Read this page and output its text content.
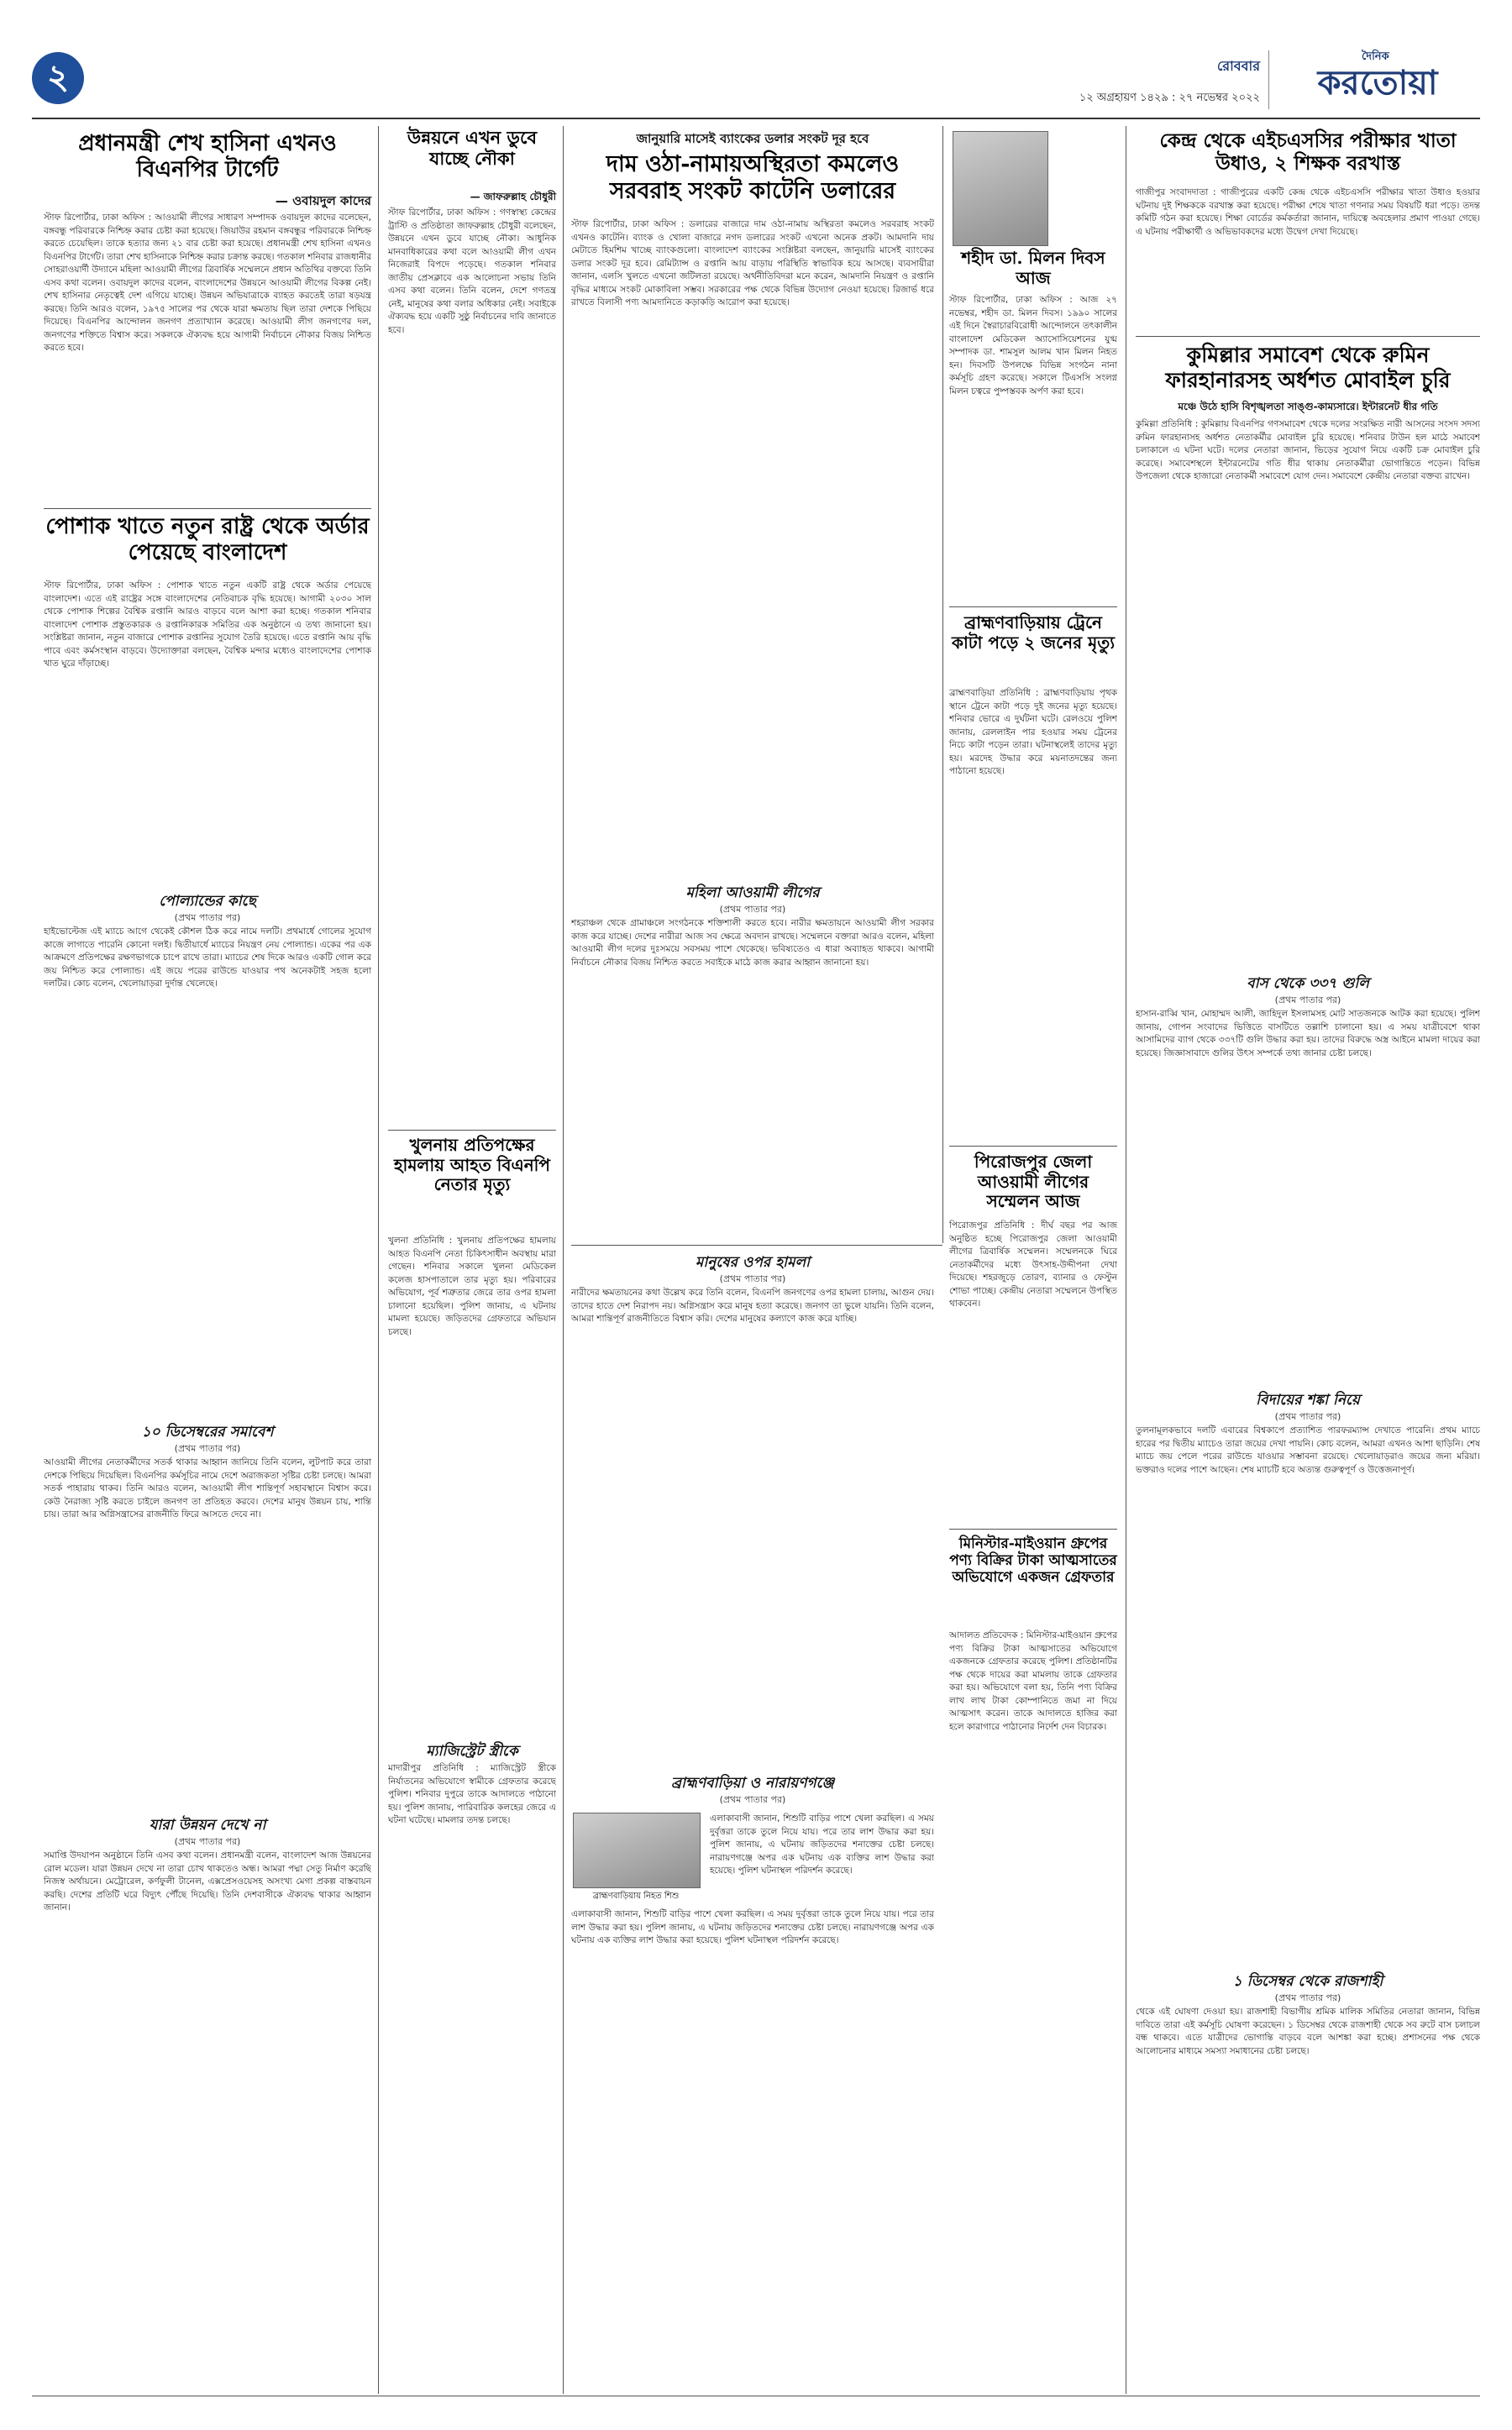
২	রোববার
১২ অগ্রহায়ণ ১৪২৯ : ২৭ নভেম্বর ২০২২
দৈনিক
করতোয়া
প্রধানমন্ত্রী শেখ হাসিনা এখনও বিএনপির টার্গেট
— ওবায়দুল কাদের
স্টাফ রিপোর্টার, ঢাকা অফিস : আওয়ামী লীগের সাধারণ সম্পাদক ওবায়দুল কাদের বলেছেন, বঙ্গবন্ধু পরিবারকে নিশ্চিহ্ন করার চেষ্টা করা হয়েছে। জিয়াউর রহমান বঙ্গবন্ধুর পরিবারকে নিশ্চিহ্ন করতে চেয়েছিল। তাকে হত্যার জন্য ২১ বার চেষ্টা করা হয়েছে। প্রধানমন্ত্রী শেখ হাসিনা এখনও বিএনপির টার্গেট। তারা শেখ হাসিনাকে নিশ্চিহ্ন করার চক্রান্ত করছে। গতকাল শনিবার রাজধানীর সোহরাওয়ার্দী উদ্যানে মহিলা আওয়ামী লীগের ত্রিবার্ষিক সম্মেলনে প্রধান অতিথির বক্তব্যে তিনি এসব কথা বলেন। ওবায়দুল কাদের বলেন, বাংলাদেশের উন্নয়নে আওয়ামী লীগের বিকল্প নেই। শেখ হাসিনার নেতৃত্বেই দেশ এগিয়ে যাচ্ছে। উন্নয়ন অভিযাত্রাকে ব্যাহত করতেই তারা ষড়যন্ত্র করছে। তিনি আরও বলেন, ১৯৭৫ সালের পর থেকে যারা ক্ষমতায় ছিল তারা দেশকে পিছিয়ে দিয়েছে। বিএনপির আন্দোলন জনগণ প্রত্যাখ্যান করেছে। আওয়ামী লীগ জনগণের দল, জনগণের শক্তিতে বিশ্বাস করে। সকলকে ঐক্যবদ্ধ হয়ে আগামী নির্বাচনে নৌকার বিজয় নিশ্চিত করতে হবে।
পোশাক খাতে নতুন রাষ্ট্র থেকে অর্ডার পেয়েছে বাংলাদেশ
স্টাফ রিপোর্টার, ঢাকা অফিস : পোশাক খাতে নতুন একটি রাষ্ট্র থেকে অর্ডার পেয়েছে বাংলাদেশ। এতে এই রাষ্ট্রের সঙ্গে বাংলাদেশের নেতিবাচক বৃদ্ধি হয়েছে। আগামী ২০৩০ সাল থেকে পোশাক শিল্পের বৈশ্বিক রপ্তানি আরও বাড়বে বলে আশা করা হচ্ছে। গতকাল শনিবার বাংলাদেশ পোশাক প্রস্তুতকারক ও রপ্তানিকারক সমিতির এক অনুষ্ঠানে এ তথ্য জানানো হয়। সংশ্লিষ্টরা জানান, নতুন বাজারে পোশাক রপ্তানির সুযোগ তৈরি হয়েছে। এতে রপ্তানি আয় বৃদ্ধি পাবে এবং কর্মসংস্থান বাড়বে। উদ্যোক্তারা বলছেন, বৈশ্বিক মন্দার মধ্যেও বাংলাদেশের পোশাক খাত ঘুরে দাঁড়াচ্ছে।
পোল্যান্ডের কাছে
(প্রথম পাতার পর)
হাইভোল্টেজ এই ম্যাচে আগে থেকেই কৌশল ঠিক করে নামে দলটি। প্রথমার্ধে গোলের সুযোগ কাজে লাগাতে পারেনি কোনো দলই। দ্বিতীয়ার্ধে ম্যাচের নিয়ন্ত্রণ নেয় পোল্যান্ড। একের পর এক আক্রমণে প্রতিপক্ষের রক্ষণভাগকে চাপে রাখে তারা। ম্যাচের শেষ দিকে আরও একটি গোল করে জয় নিশ্চিত করে পোল্যান্ড। এই জয়ে পরের রাউন্ডে যাওয়ার পথ অনেকটাই সহজ হলো দলটির। কোচ বলেন, খেলোয়াড়রা দুর্দান্ত খেলেছে।
১০ ডিসেম্বরের সমাবেশ
(প্রথম পাতার পর)
আওয়ামী লীগের নেতাকর্মীদের সতর্ক থাকার আহ্বান জানিয়ে তিনি বলেন, লুটপাট করে তারা দেশকে পিছিয়ে দিয়েছিল। বিএনপির কর্মসূচির নামে দেশে অরাজকতা সৃষ্টির চেষ্টা চলছে। আমরা সতর্ক পাহারায় থাকব। তিনি আরও বলেন, আওয়ামী লীগ শান্তিপূর্ণ সহাবস্থানে বিশ্বাস করে। কেউ নৈরাজ্য সৃষ্টি করতে চাইলে জনগণ তা প্রতিহত করবে। দেশের মানুষ উন্নয়ন চায়, শান্তি চায়। তারা আর অগ্নিসন্ত্রাসের রাজনীতি ফিরে আসতে দেবে না।
যারা উন্নয়ন দেখে না
(প্রথম পাতার পর)
সমাপ্তি উদযাপন অনুষ্ঠানে তিনি এসব কথা বলেন। প্রধানমন্ত্রী বলেন, বাংলাদেশ আজ উন্নয়নের রোল মডেল। যারা উন্নয়ন দেখে না তারা চোখ থাকতেও অন্ধ। আমরা পদ্মা সেতু নির্মাণ করেছি নিজস্ব অর্থায়নে। মেট্রোরেল, কর্ণফুলী টানেল, এক্সপ্রেসওয়েসহ অসংখ্য মেগা প্রকল্প বাস্তবায়ন করছি। দেশের প্রতিটি ঘরে বিদ্যুৎ পৌঁছে দিয়েছি। তিনি দেশবাসীকে ঐক্যবদ্ধ থাকার আহ্বান জানান।
উন্নয়নে এখন ডুবে যাচ্ছে নৌকা
— জাফরুল্লাহ চৌধুরী
স্টাফ রিপোর্টার, ঢাকা অফিস : গণস্বাস্থ্য কেন্দ্রের ট্রাস্টি ও প্রতিষ্ঠাতা জাফরুল্লাহ চৌধুরী বলেছেন, উন্নয়নে এখন ডুবে যাচ্ছে নৌকা। আধুনিক মানবাধিকারের কথা বলে আওয়ামী লীগ এখন নিজেরাই বিপদে পড়েছে। গতকাল শনিবার জাতীয় প্রেসক্লাবে এক আলোচনা সভায় তিনি এসব কথা বলেন। তিনি বলেন, দেশে গণতন্ত্র নেই, মানুষের কথা বলার অধিকার নেই। সবাইকে ঐক্যবদ্ধ হয়ে একটি সুষ্ঠু নির্বাচনের দাবি জানাতে হবে।
খুলনায় প্রতিপক্ষের হামলায় আহত বিএনপি নেতার মৃত্যু
খুলনা প্রতিনিধি : খুলনায় প্রতিপক্ষের হামলায় আহত বিএনপি নেতা চিকিৎসাধীন অবস্থায় মারা গেছেন। শনিবার সকালে খুলনা মেডিকেল কলেজ হাসপাতালে তার মৃত্যু হয়। পরিবারের অভিযোগ, পূর্ব শত্রুতার জেরে তার ওপর হামলা চালানো হয়েছিল। পুলিশ জানায়, এ ঘটনায় মামলা হয়েছে। জড়িতদের গ্রেফতারে অভিযান চলছে।
ম্যাজিস্ট্রেট স্ত্রীকে
মাদারীপুর প্রতিনিধি : ম্যাজিস্ট্রেট স্ত্রীকে নির্যাতনের অভিযোগে স্বামীকে গ্রেফতার করেছে পুলিশ। শনিবার দুপুরে তাকে আদালতে পাঠানো হয়। পুলিশ জানায়, পারিবারিক কলহের জেরে এ ঘটনা ঘটেছে। মামলার তদন্ত চলছে।
জানুয়ারি মাসেই ব্যাংকের ডলার সংকট দূর হবে
দাম ওঠা-নামায়অস্থিরতা কমলেও সরবরাহ সংকট কাটেনি ডলারের
স্টাফ রিপোর্টার, ঢাকা অফিস : ডলারের বাজারে দাম ওঠা-নামায় অস্থিরতা কমলেও সরবরাহ সংকট এখনও কাটেনি। ব্যাংক ও খোলা বাজারে নগদ ডলারের সংকট এখনো অনেক প্রকট। আমদানি দায় মেটাতে হিমশিম খাচ্ছে ব্যাংকগুলো। বাংলাদেশ ব্যাংকের সংশ্লিষ্টরা বলছেন, জানুয়ারি মাসেই ব্যাংকের ডলার সংকট দূর হবে। রেমিট্যান্স ও রপ্তানি আয় বাড়ায় পরিস্থিতি স্বাভাবিক হয়ে আসছে। ব্যবসায়ীরা জানান, এলসি খুলতে এখনো জটিলতা রয়েছে। অর্থনীতিবিদরা মনে করেন, আমদানি নিয়ন্ত্রণ ও রপ্তানি বৃদ্ধির মাধ্যমে সংকট মোকাবিলা সম্ভব। সরকারের পক্ষ থেকে বিভিন্ন উদ্যোগ নেওয়া হয়েছে। রিজার্ভ ধরে রাখতে বিলাসী পণ্য আমদানিতে কড়াকড়ি আরোপ করা হয়েছে।
মহিলা আওয়ামী লীগের
(প্রথম পাতার পর)
শহরাঞ্চল থেকে গ্রামাঞ্চলে সংগঠনকে শক্তিশালী করতে হবে। নারীর ক্ষমতায়নে আওয়ামী লীগ সরকার কাজ করে যাচ্ছে। দেশের নারীরা আজ সব ক্ষেত্রে অবদান রাখছে। সম্মেলনে বক্তারা আরও বলেন, মহিলা আওয়ামী লীগ দলের দুঃসময়ে সবসময় পাশে থেকেছে। ভবিষ্যতেও এ ধারা অব্যাহত থাকবে। আগামী নির্বাচনে নৌকার বিজয় নিশ্চিত করতে সবাইকে মাঠে কাজ করার আহ্বান জানানো হয়।
শহীদ ডা. মিলন দিবস আজ
স্টাফ রিপোর্টার, ঢাকা অফিস : আজ ২৭ নভেম্বর, শহীদ ডা. মিলন দিবস। ১৯৯০ সালের এই দিনে স্বৈরাচারবিরোধী আন্দোলনে তৎকালীন বাংলাদেশ মেডিকেল অ্যাসোসিয়েশনের যুগ্ম সম্পাদক ডা. শামসুল আলম খান মিলন নিহত হন। দিবসটি উপলক্ষে বিভিন্ন সংগঠন নানা কর্মসূচি গ্রহণ করেছে। সকালে টিএসসি সংলগ্ন মিলন চত্বরে পুষ্পস্তবক অর্পণ করা হবে।
ব্রাহ্মণবাড়িয়ায় ট্রেনে কাটা পড়ে ২ জনের মৃত্যু
ব্রাহ্মণবাড়িয়া প্রতিনিধি : ব্রাহ্মণবাড়িয়ায় পৃথক স্থানে ট্রেনে কাটা পড়ে দুই জনের মৃত্যু হয়েছে। শনিবার ভোরে এ দুর্ঘটনা ঘটে। রেলওয়ে পুলিশ জানায়, রেললাইন পার হওয়ার সময় ট্রেনের নিচে কাটা পড়েন তারা। ঘটনাস্থলেই তাদের মৃত্যু হয়। মরদেহ উদ্ধার করে ময়নাতদন্তের জন্য পাঠানো হয়েছে।
পিরোজপুর জেলা আওয়ামী লীগের সম্মেলন আজ
পিরোজপুর প্রতিনিধি : দীর্ঘ বছর পর আজ অনুষ্ঠিত হচ্ছে পিরোজপুর জেলা আওয়ামী লীগের ত্রিবার্ষিক সম্মেলন। সম্মেলনকে ঘিরে নেতাকর্মীদের মধ্যে উৎসাহ-উদ্দীপনা দেখা দিয়েছে। শহরজুড়ে তোরণ, ব্যানার ও ফেস্টুন শোভা পাচ্ছে। কেন্দ্রীয় নেতারা সম্মেলনে উপস্থিত থাকবেন।
মিনিস্টার-মাইওয়ান গ্রুপের পণ্য বিক্রির টাকা আত্মসাতের অভিযোগে একজন গ্রেফতার
আদালত প্রতিবেদক : মিনিস্টার-মাইওয়ান গ্রুপের পণ্য বিক্রির টাকা আত্মসাতের অভিযোগে একজনকে গ্রেফতার করেছে পুলিশ। প্রতিষ্ঠানটির পক্ষ থেকে দায়ের করা মামলায় তাকে গ্রেফতার করা হয়। অভিযোগে বলা হয়, তিনি পণ্য বিক্রির লাখ লাখ টাকা কোম্পানিতে জমা না দিয়ে আত্মসাৎ করেন। তাকে আদালতে হাজির করা হলে কারাগারে পাঠানোর নির্দেশ দেন বিচারক।
মানুষের ওপর হামলা
(প্রথম পাতার পর)
নারীদের ক্ষমতায়নের কথা উল্লেখ করে তিনি বলেন, বিএনপি জনগণের ওপর হামলা চালায়, আগুন দেয়। তাদের হাতে দেশ নিরাপদ নয়। অগ্নিসন্ত্রাস করে মানুষ হত্যা করেছে। জনগণ তা ভুলে যায়নি। তিনি বলেন, আমরা শান্তিপূর্ণ রাজনীতিতে বিশ্বাস করি। দেশের মানুষের কল্যাণে কাজ করে যাচ্ছি।
ব্রাহ্মণবাড়িয়া ও নারায়ণগঞ্জে
(প্রথম পাতার পর)
ব্রাহ্মণবাড়িয়ায় নিহত শিশু
এলাকাবাসী জানান, শিশুটি বাড়ির পাশে খেলা করছিল। এ সময় দুর্বৃত্তরা তাকে তুলে নিয়ে যায়। পরে তার লাশ উদ্ধার করা হয়। পুলিশ জানায়, এ ঘটনায় জড়িতদের শনাক্তের চেষ্টা চলছে। নারায়ণগঞ্জে অপর এক ঘটনায় এক ব্যক্তির লাশ উদ্ধার করা হয়েছে। পুলিশ ঘটনাস্থল পরিদর্শন করেছে।
এলাকাবাসী জানান, শিশুটি বাড়ির পাশে খেলা করছিল। এ সময় দুর্বৃত্তরা তাকে তুলে নিয়ে যায়। পরে তার লাশ উদ্ধার করা হয়। পুলিশ জানায়, এ ঘটনায় জড়িতদের শনাক্তের চেষ্টা চলছে। নারায়ণগঞ্জে অপর এক ঘটনায় এক ব্যক্তির লাশ উদ্ধার করা হয়েছে। পুলিশ ঘটনাস্থল পরিদর্শন করেছে।
কেন্দ্র থেকে এইচএসসির পরীক্ষার খাতা উধাও, ২ শিক্ষক বরখাস্ত
গাজীপুর সংবাদদাতা : গাজীপুরের একটি কেন্দ্র থেকে এইচএসসি পরীক্ষার খাতা উধাও হওয়ার ঘটনায় দুই শিক্ষককে বরখাস্ত করা হয়েছে। পরীক্ষা শেষে খাতা গণনার সময় বিষয়টি ধরা পড়ে। তদন্ত কমিটি গঠন করা হয়েছে। শিক্ষা বোর্ডের কর্মকর্তারা জানান, দায়িত্বে অবহেলার প্রমাণ পাওয়া গেছে। এ ঘটনায় পরীক্ষার্থী ও অভিভাবকদের মধ্যে উদ্বেগ দেখা দিয়েছে।
কুমিল্লার সমাবেশ থেকে রুমিন ফারহানারসহ অর্ধশত মোবাইল চুরি
মঞ্চে উঠে হাসি বিশৃঙ্খলতা সাঙ্গু-কাম্যসারে। ইন্টারনেট ধীর গতি
কুমিল্লা প্রতিনিধি : কুমিল্লায় বিএনপির গণসমাবেশ থেকে দলের সংরক্ষিত নারী আসনের সংসদ সদস্য রুমিন ফারহানাসহ অর্ধশত নেতাকর্মীর মোবাইল চুরি হয়েছে। শনিবার টাউন হল মাঠে সমাবেশ চলাকালে এ ঘটনা ঘটে। দলের নেতারা জানান, ভিড়ের সুযোগ নিয়ে একটি চক্র মোবাইল চুরি করেছে। সমাবেশস্থলে ইন্টারনেটের গতি ধীর থাকায় নেতাকর্মীরা ভোগান্তিতে পড়েন। বিভিন্ন উপজেলা থেকে হাজারো নেতাকর্মী সমাবেশে যোগ দেন। সমাবেশে কেন্দ্রীয় নেতারা বক্তব্য রাখেন।
বাস থেকে ৩৩৭ গুলি
(প্রথম পাতার পর)
হাসান-রাব্বি খান, মোহাম্মদ আলী, জাহিদুল ইসলামসহ মোট সাতজনকে আটক করা হয়েছে। পুলিশ জানায়, গোপন সংবাদের ভিত্তিতে বাসটিতে তল্লাশি চালানো হয়। এ সময় যাত্রীবেশে থাকা আসামিদের ব্যাগ থেকে ৩৩৭টি গুলি উদ্ধার করা হয়। তাদের বিরুদ্ধে অস্ত্র আইনে মামলা দায়ের করা হয়েছে। জিজ্ঞাসাবাদে গুলির উৎস সম্পর্কে তথ্য জানার চেষ্টা চলছে।
বিদায়ের শঙ্কা নিয়ে
(প্রথম পাতার পর)
তুলনামূলকভাবে দলটি এবারের বিশ্বকাপে প্রত্যাশিত পারফরম্যান্স দেখাতে পারেনি। প্রথম ম্যাচে হারের পর দ্বিতীয় ম্যাচেও তারা জয়ের দেখা পায়নি। কোচ বলেন, আমরা এখনও আশা ছাড়িনি। শেষ ম্যাচে জয় পেলে পরের রাউন্ডে যাওয়ার সম্ভাবনা রয়েছে। খেলোয়াড়রাও জয়ের জন্য মরিয়া। ভক্তরাও দলের পাশে আছেন। শেষ ম্যাচটি হবে অত্যন্ত গুরুত্বপূর্ণ ও উত্তেজনাপূর্ণ।
১ ডিসেম্বর থেকে রাজশাহী
(প্রথম পাতার পর)
থেকে এই ঘোষণা দেওয়া হয়। রাজশাহী বিভাগীয় শ্রমিক মালিক সমিতির নেতারা জানান, বিভিন্ন দাবিতে তারা এই কর্মসূচি ঘোষণা করেছেন। ১ ডিসেম্বর থেকে রাজশাহী থেকে সব রুটে বাস চলাচল বন্ধ থাকবে। এতে যাত্রীদের ভোগান্তি বাড়বে বলে আশঙ্কা করা হচ্ছে। প্রশাসনের পক্ষ থেকে আলোচনার মাধ্যমে সমস্যা সমাধানের চেষ্টা চলছে।
